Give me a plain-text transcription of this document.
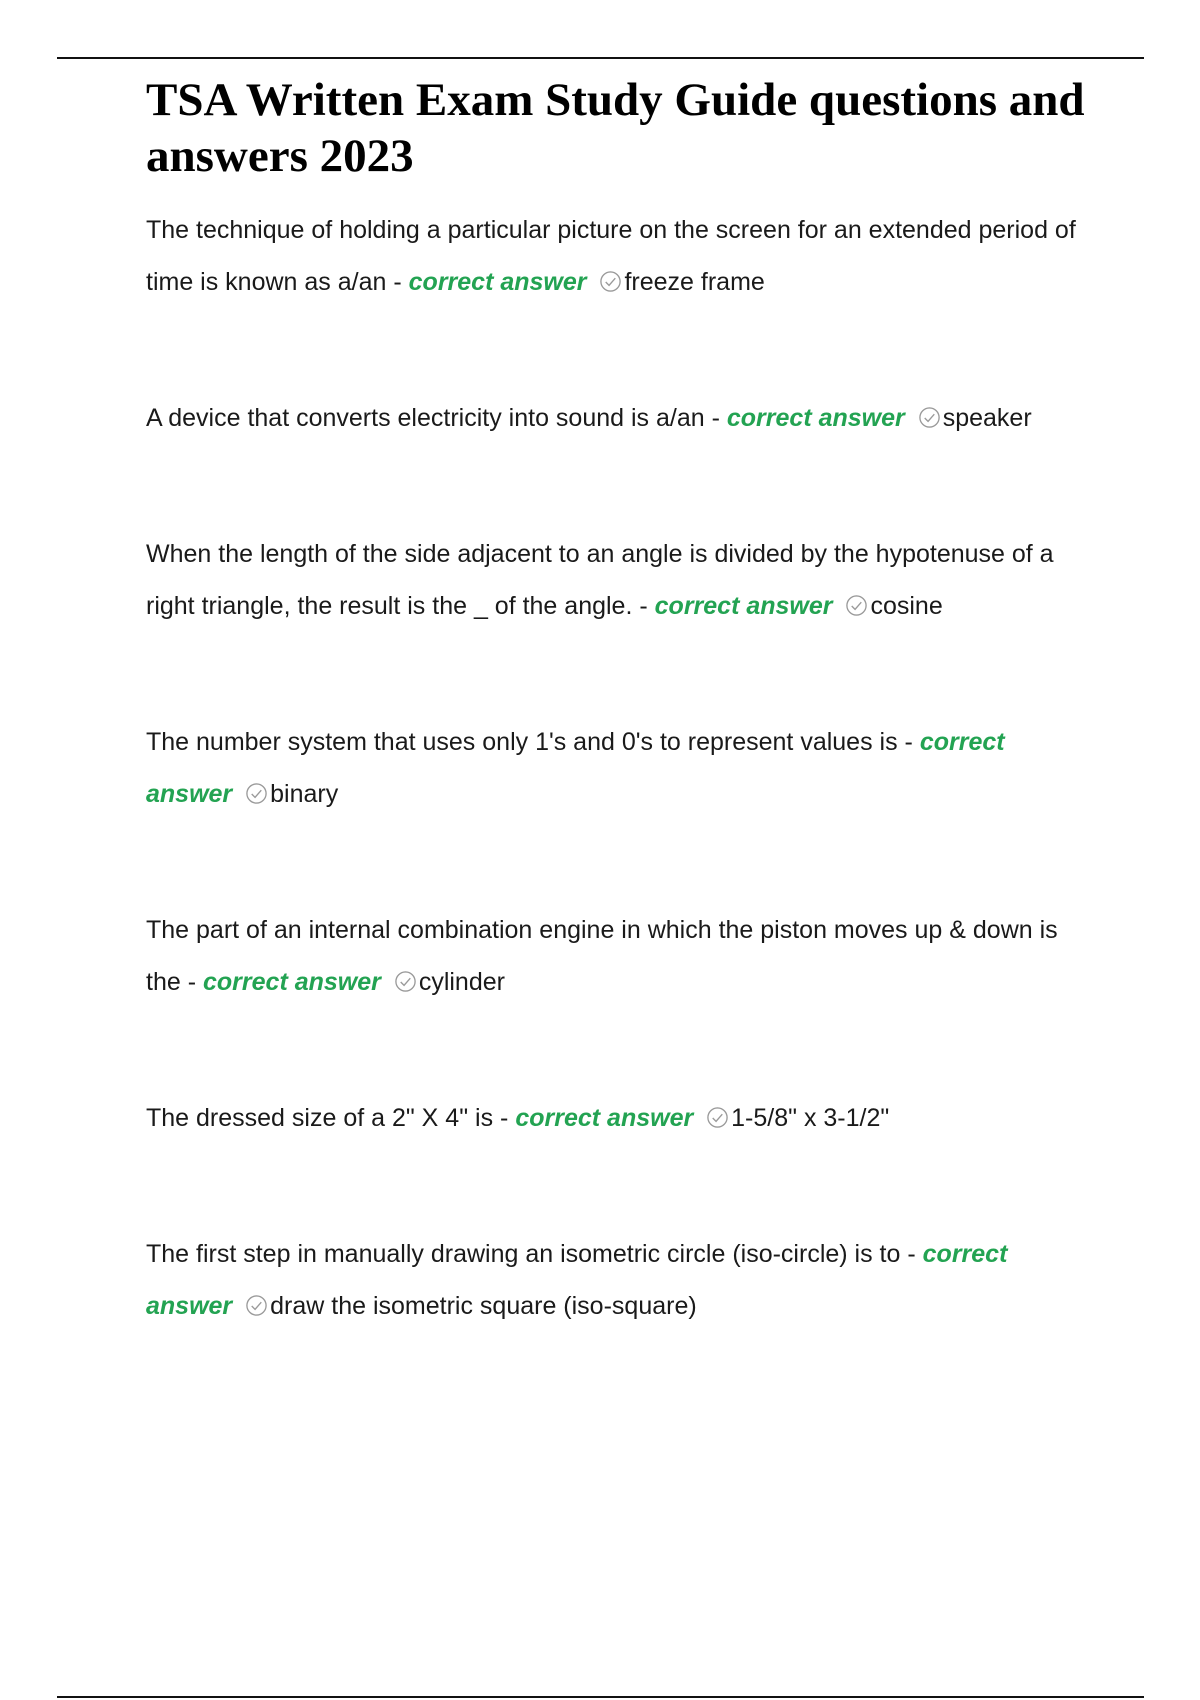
TSA Written Exam Study Guide questions and answers 2023

The technique of holding a particular picture on the screen for an extended period of time is known as a/an - correct answer freeze frame

A device that converts electricity into sound is a/an - correct answer speaker

When the length of the side adjacent to an angle is divided by the hypotenuse of a right triangle, the result is the _ of the angle. - correct answer cosine

The number system that uses only 1's and 0's to represent values is - correct answer binary

The part of an internal combination engine in which the piston moves up & down is the - correct answer cylinder

The dressed size of a 2" X 4" is - correct answer 1-5/8" x 3-1/2"

The first step in manually drawing an isometric circle (iso-circle) is to - correct answer draw the isometric square (iso-square)
